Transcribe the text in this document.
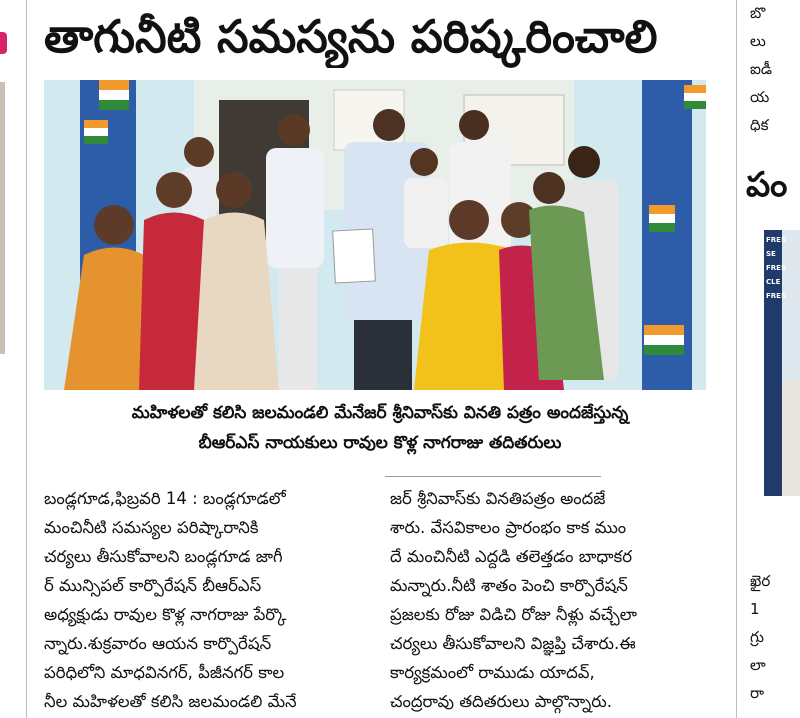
తాగునీటి సమస్యను పరిష్కరించాలి
మహిళలతో కలిసి జలమండలి మేనేజర్ శ్రీనివాస్‌కు వినతి పత్రం అందజేస్తున్న
బీఆర్ఎస్ నాయకులు రావుల కొళ్ల నాగరాజు తదితరులు
బండ్లగూడ,ఫిబ్రవరి 14 : బండ్లగూడలో
మంచినీటి సమస్యల పరిష్కారానికి
చర్యలు తీసుకోవాలని బండ్లగూడ జాగీ
ర్ మున్సిపల్ కార్పొరేషన్ బీఆర్ఎస్
అధ్యక్షుడు రావుల కొళ్ల నాగరాజు పేర్కొ
న్నారు.శుక్రవారం ఆయన కార్పొరేషన్
పరిధిలోని మాధవినగర్, పీజీనగర్ కాల
నీల మహిళలతో కలిసి జలమండలి మేనే
జర్ శ్రీనివాస్‌కు వినతిపత్రం అందజే
శారు. వేసవికాలం ప్రారంభం కాక ముం
దే మంచినీటి ఎద్దడి తలెత్తడం బాధాకర
మన్నారు.నీటి శాతం పెంచి కార్పొరేషన్
ప్రజలకు రోజు విడిచి రోజు నీళ్లు వచ్చేలా
చర్యలు తీసుకోవాలని విజ్ఞప్తి చేశారు.ఈ
కార్యక్రమంలో రాముడు యాదవ్,
చంద్రరావు తదితరులు పాల్గొన్నారు.
బొ
లు
ఐడీ
య
ధిక
పం
FRES
SE
FRES
CLE
FRES
ఖైర
1
గ్రు
లా
రా
